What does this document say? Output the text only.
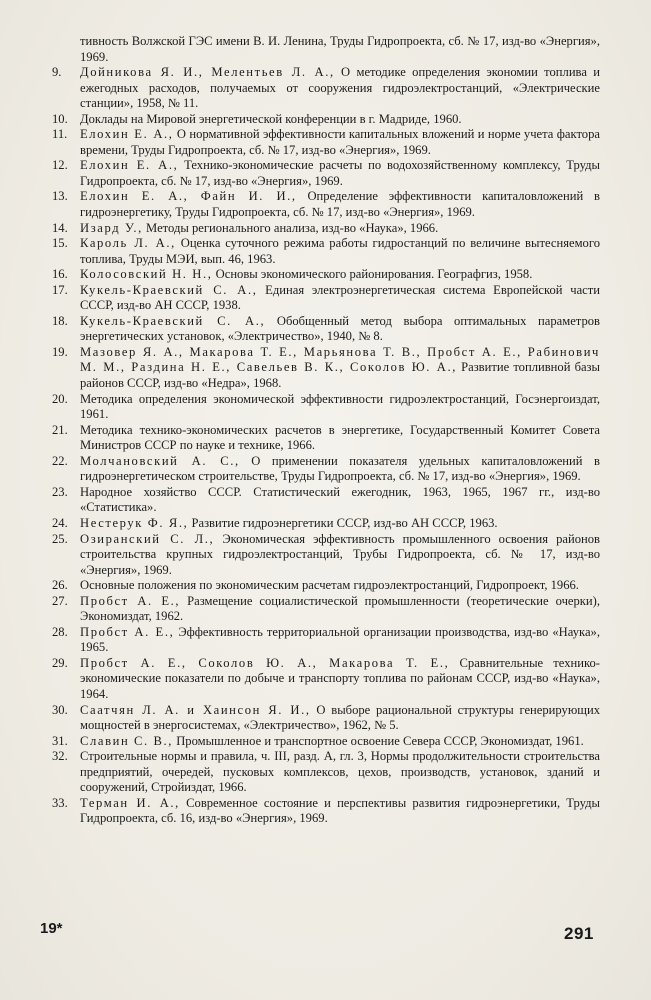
тивность Волжской ГЭС имени В. И. Ленина, Труды Гидропроекта, сб. № 17, изд-во «Энергия», 1969.

9.	Дойникова Я. И., Мелентьев Л. А., О методике определения экономии топлива и ежегодных расходов, получаемых от сооружения гидроэлектростанций, «Электрические станции», 1958, № 11.

10. Доклады на Мировой энергетической конференции в г. Мадриде, 1960.

11.	Елохин Е. А., О нормативной эффективности капитальных вложений и норме учета фактора времени, Труды Гидропроекта, сб. № 17, изд-во «Энергия», 1969.

12. Елохин Е. А., Технико-экономические расчеты по водохозяйственному комплексу, Труды Гидропроекта, сб. № 17, изд-во «Энергия», 1969.

13. Елохин Е. А., Файн И. И., Определение эффективности капиталовложений в гидроэнергетику, Труды Гидропроекта, сб. № 17, изд-во «Энергия», 1969.

14. Изард У., Методы регионального анализа, изд-во «Наука», 1966.

15. Кароль Л. А., Оценка суточного режима работы гидростанций по величине вытесняемого топлива, Труды МЭИ, вып. 46, 1963.

16. Колосовский Н. Н., Основы экономического районирования. Географгиз, 1958.

17. Кукель-Краевский С. А., Единая электроэнергетическая система Европейской части СССР, изд-во АН СССР, 1938.

18. Кукель-Краевский С. А., Обобщенный метод выбора оптимальных параметров энергетических установок, «Электричество», 1940, № 8.

19. Мазовер Я. А., Макарова Т. Е., Марьянова Т. В., Пробст А. Е., Рабинович М. М., Раздина Н. Е., Савельев В. К., Соколов Ю. А., Развитие топливной базы районов СССР, изд-во «Недра», 1968.

20. Методика определения экономической эффективности гидроэлектростанций, Госэнергоиздат, 1961.

21. Методика технико-экономических расчетов в энергетике, Государственный Комитет Совета Министров СССР по науке и технике, 1966.

22. Молчановский А. С., О применении показателя удельных капиталовложений в гидроэнергетическом строительстве, Труды Гидропроекта, сб. № 17, изд-во «Энергия», 1969.

23. Народное хозяйство СССР. Статистический ежегодник, 1963, 1965, 1967 гг., изд-во «Статистика».

24. Нестерук Ф. Я., Развитие гидроэнергетики СССР, изд-во АН СССР, 1963.

25. Озиранский С. Л., Экономическая эффективность промышленного освоения районов строительства крупных гидроэлектростанций, Трубы Гидропроекта, сб. № 17, изд-во «Энергия», 1969.

26. Основные положения по экономическим расчетам гидроэлектростанций, Гидропроект, 1966.

27. Пробст А. Е., Размещение социалистической промышленности (теоретические очерки), Экономиздат, 1962.

28. Пробст А. Е., Эффективность территориальной организации производства, изд-во «Наука», 1965.

29. Пробст А. Е., Соколов Ю. А., Макарова Т. Е., Сравнительные технико-экономические показатели по добыче и транспорту топлива по районам СССР, изд-во «Наука», 1964.

30. Саатчян Л. А. и Хаинсон Я. И., О выборе рациональной структуры генерирующих мощностей в энергосистемах, «Электричество», 1962, № 5.

31. Славин С. В., Промышленное и транспортное освоение Севера СССР, Экономиздат, 1961.

32. Строительные нормы и правила, ч. III, разд. А, гл. 3, Нормы продолжительности строительства предприятий, очередей, пусковых комплексов, цехов, производств, установок, зданий и сооружений, Стройиздат, 1966.

33. Терман И. А., Современное состояние и перспективы развития гидроэнергетики, Труды Гидропроекта, сб. 16, изд-во «Энергия», 1969.

19*	291
